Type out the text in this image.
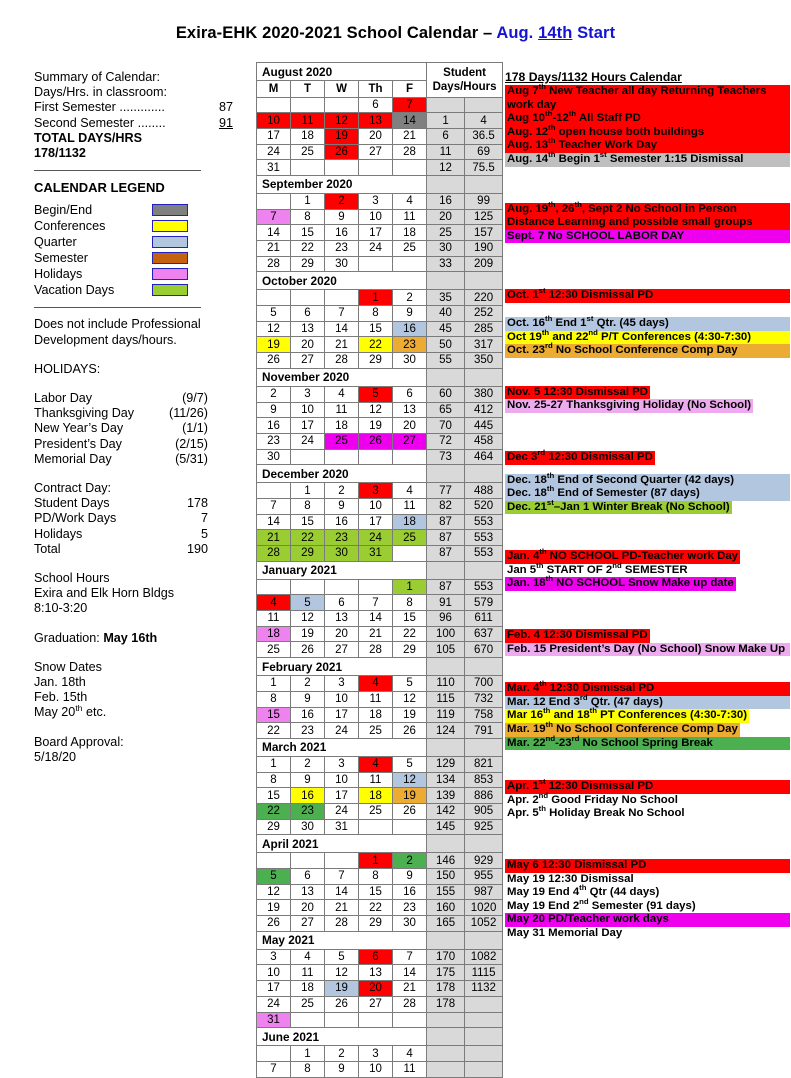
Exira-EHK 2020-2021 School Calendar – Aug. 14th Start
Summary of Calendar:
Days/Hrs. in classroom:
First Semester .............	87
Second Semester ........	91
TOTAL DAYS/HRS
178/1132
CALENDAR LEGEND
Begin/End
Conferences
Quarter
Semester
Holidays
Vacation Days
Does not include Professional
Development days/hours.
HOLIDAYS:
Labor Day	(9/7)
Thanksgiving Day	(11/26)
New Year’s Day	(1/1)
President’s Day	(2/15)
Memorial Day	(5/31)
Contract Day:
Student Days	178
PD/Work Days	7
Holidays	5
Total	190
School Hours
Exira and Elk Horn Bldgs
8:10-3:20
Graduation: May 16th
Snow Dates
Jan. 18th
Feb. 15th
May 20th etc.
Board Approval:
5/18/20
August 2020					Student
Days/Hours	
M	T	W	Th	F		
			6	7		
10	11	12	13	14	1	4
17	18	19	20	21	6	36.5
24	25	26	27	28	11	69
31					12	75.5
September 2020						
	1	2	3	4	16	99
7	8	9	10	11	20	125
14	15	16	17	18	25	157
21	22	23	24	25	30	190
28	29	30			33	209
October 2020						
			1	2	35	220
5	6	7	8	9	40	252
12	13	14	15	16	45	285
19	20	21	22	23	50	317
26	27	28	29	30	55	350
November 2020						
2	3	4	5	6	60	380
9	10	11	12	13	65	412
16	17	18	19	20	70	445
23	24	25	26	27	72	458
30					73	464
December 2020						
	1	2	3	4	77	488
7	8	9	10	11	82	520
14	15	16	17	18	87	553
21	22	23	24	25	87	553
28	29	30	31		87	553
January 2021						
				1	87	553
4	5	6	7	8	91	579
11	12	13	14	15	96	611
18	19	20	21	22	100	637
25	26	27	28	29	105	670
February 2021						
1	2	3	4	5	110	700
8	9	10	11	12	115	732
15	16	17	18	19	119	758
22	23	24	25	26	124	791
March 2021						
1	2	3	4	5	129	821
8	9	10	11	12	134	853
15	16	17	18	19	139	886
22	23	24	25	26	142	905
29	30	31			145	925
April 2021						
			1	2	146	929
5	6	7	8	9	150	955
12	13	14	15	16	155	987
19	20	21	22	23	160	1020
26	27	28	29	30	165	1052
May 2021						
3	4	5	6	7	170	1082
10	11	12	13	14	175	1115
17	18	19	20	21	178	1132
24	25	26	27	28	178	
31						
June 2021						
	1	2	3	4		
7	8	9	10	11		
178 Days/1132 Hours Calendar
Aug 7th New Teacher all day Returning Teachers work day
Aug 10th-12th All Staff PD
Aug. 12th open house both buildings
Aug. 13th Teacher Work Day
Aug. 14th Begin 1st Semester 1:15 Dismissal
Aug. 19th, 26th, Sept 2 No School in Person
Distance Learning and possible small groups
Sept. 7 No SCHOOL LABOR DAY
Oct. 1st 12:30 Dismissal PD
Oct. 16th End 1st Qtr. (45 days)
Oct 19th and 22nd P/T Conferences (4:30-7:30)
Oct. 23rd No School Conference Comp Day
Nov. 5 12:30 Dismissal PD
Nov. 25-27 Thanksgiving Holiday (No School)
Dec 3rd 12:30 Dismissal PD
Dec. 18th End of Second Quarter (42 days)
Dec. 18th End of Semester (87 days)
Dec. 21st–Jan 1 Winter Break (No School)
Jan. 4th NO SCHOOL PD-Teacher work Day
Jan 5th START OF 2nd SEMESTER
Jan. 18th NO SCHOOL Snow Make up date
Feb. 4 12:30 Dismissal PD
Feb. 15 President’s Day (No School) Snow Make Up
Mar. 4th 12:30 Dismissal PD
Mar. 12 End 3rd Qtr. (47 days)
Mar 16th and 18th PT Conferences (4:30-7:30)
Mar. 19th No School Conference Comp Day
Mar. 22nd-23rd No School Spring Break
Apr. 1st 12:30 Dismissal PD
Apr. 2nd Good Friday No School
Apr. 5th Holiday Break No School
May 6 12:30 Dismissal PD
May 19 12:30 Dismissal
May 19 End 4th Qtr (44 days)
May 19 End 2nd Semester (91 days)
May 20 PD/Teacher work days
May 31 Memorial Day
